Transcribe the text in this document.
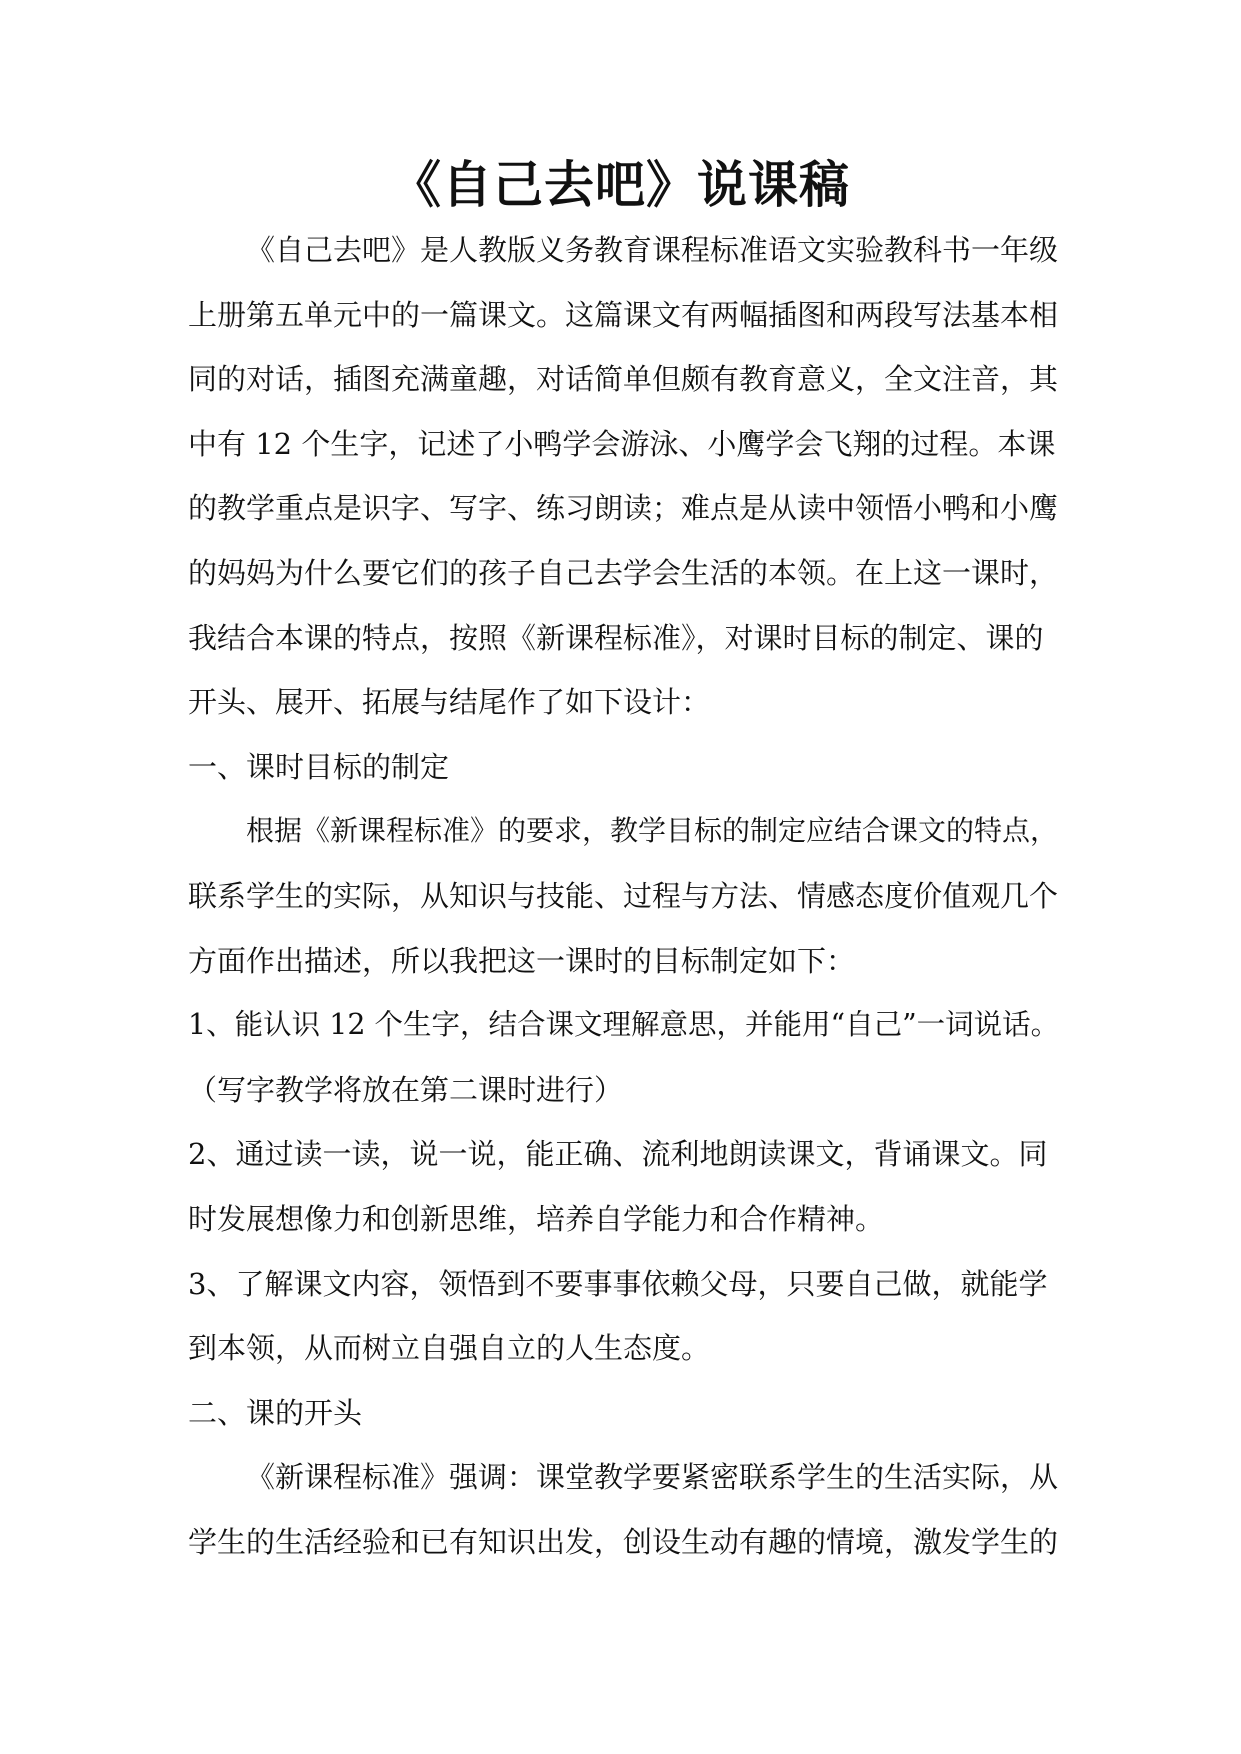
《自己去吧》说课稿
《自己去吧》是人教版义务教育课程标准语文实验教科书一年级
上册第五单元中的一篇课文。这篇课文有两幅插图和两段写法基本相
同的对话，插图充满童趣，对话简单但颇有教育意义，全文注音，其
中有 12 个生字，记述了小鸭学会游泳、小鹰学会飞翔的过程。本课
的教学重点是识字、写字、练习朗读；难点是从读中领悟小鸭和小鹰
的妈妈为什么要它们的孩子自己去学会生活的本领。在上这一课时，
我结合本课的特点，按照《新课程标准》，对课时目标的制定、课的
开头、展开、拓展与结尾作了如下设计：
一、课时目标的制定
根据《新课程标准》的要求，教学目标的制定应结合课文的特点，
联系学生的实际，从知识与技能、过程与方法、情感态度价值观几个
方面作出描述，所以我把这一课时的目标制定如下：
1、能认识 12 个生字，结合课文理解意思，并能用“自己”一词说话。
（写字教学将放在第二课时进行）
2、通过读一读，说一说，能正确、流利地朗读课文，背诵课文。同
时发展想像力和创新思维，培养自学能力和合作精神。
3、了解课文内容，领悟到不要事事依赖父母，只要自己做，就能学
到本领，从而树立自强自立的人生态度。
二、课的开头
《新课程标准》强调：课堂教学要紧密联系学生的生活实际，从
学生的生活经验和已有知识出发，创设生动有趣的情境，激发学生的
